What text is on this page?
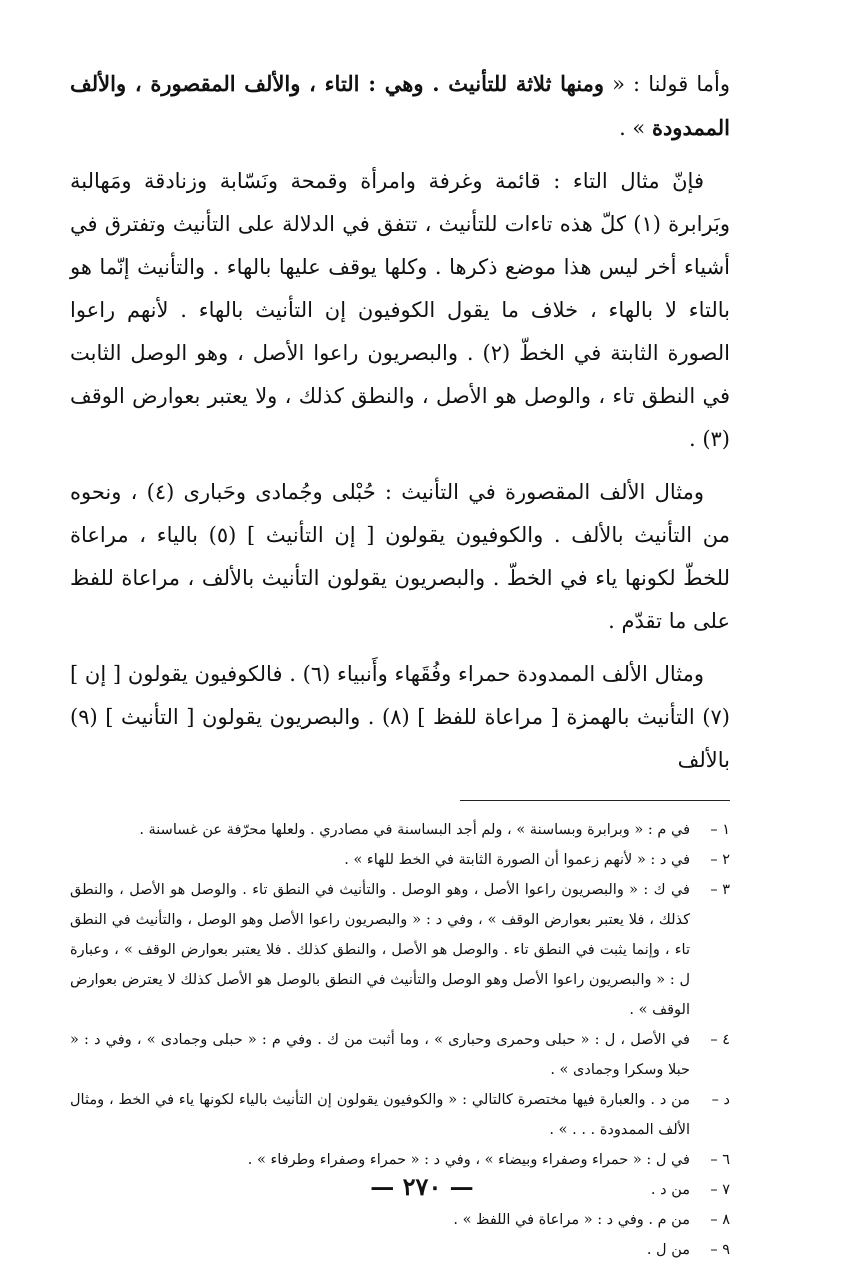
وأما قولنا : « ومنها ثلاثة للتأنيث . وهي : التاء ، والألف المقصورة ، والألف الممدودة » .

فإنّ مثال التاء : قائمة وغرفة وامرأة وقمحة ونَسّابة وزنادقة ومَهالبة وبَرابرة (١) كلّ هذه تاءات للتأنيث ، تتفق في الدلالة على التأنيث وتفترق في أشياء أخر ليس هذا موضع ذكرها . وكلها يوقف عليها بالهاء . والتأنيث إنّما هو بالتاء لا بالهاء ، خلاف ما يقول الكوفيون إن التأنيث بالهاء . لأنهم راعوا الصورة الثابتة في الخطّ (٢) . والبصريون راعوا الأصل ، وهو الوصل الثابت في النطق تاء ، والوصل هو الأصل ، والنطق كذلك ، ولا يعتبر بعوارض الوقف (٣) .

ومثال الألف المقصورة في التأنيث : حُبْلى وجُمادى وحَبارى (٤) ، ونحوه من التأنيث بالألف . والكوفيون يقولون [ إن التأنيث ] (٥) بالياء ، مراعاة للخطّ لكونها ياء في الخطّ . والبصريون يقولون التأنيث بالألف ، مراعاة للفظ على ما تقدّم .

ومثال الألف الممدودة حمراء وفُقَهاء وأَنبياء (٦) . فالكوفيون يقولون [ إن ] (٧) التأنيث بالهمزة [ مراعاة للفظ ] (٨) . والبصريون يقولون [ التأنيث ] (٩) بالألف

١ –
في م : « وبرابرة وبساسنة » ، ولم أجد البساسنة في مصادري . ولعلها محرّفة عن غساسنة .
٢ –
في د : « لأنهم زعموا أن الصورة الثابتة في الخط للهاء » .
٣ –
في ك : « والبصريون راعوا الأصل ، وهو الوصل . والتأنيث في النطق تاء . والوصل هو الأصل ، والنطق كذلك ، فلا يعتبر بعوارض الوقف » ، وفي د : « والبصريون راعوا الأصل وهو الوصل ، والتأنيث في النطق تاء ، وإنما يثبت في النطق تاء . والوصل هو الأصل ، والنطق كذلك . فلا يعتبر بعوارض الوقف » ، وعبارة ل : « والبصريون راعوا الأصل وهو الوصل والتأنيث في النطق بالوصل هو الأصل كذلك لا يعترض بعوارض الوقف » .
٤ –
في الأصل ، ل : « حبلى وحمرى وحبارى » ، وما أثبت من ك . وفي م : « حبلى وجمادى » ، وفي د : « حبلا وسكرا وجمادى » .
د –
من د . والعبارة فيها مختصرة كالتالي : « والكوفيون يقولون إن التأنيث بالياء لكونها ياء في الخط ، ومثال الألف الممدودة . . . » .
٦ –
في ل : « حمراء وصفراء وبيضاء » ، وفي د : « حمراء وصفراء وطرفاء » .
٧ –
من د .
٨ –
من م . وفي د : « مراعاة في اللفظ » .
٩ –
من ل .
— ٢٧٠ —
